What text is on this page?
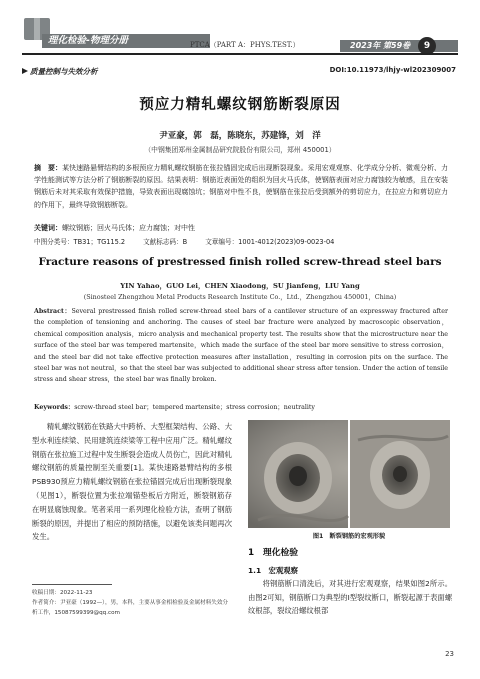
理化检验-物理分册	PTCA（PART A：PHYS.TEST.）	2023年 第59卷	9
质量控制与失效分析	DOI:10.11973/lhjy-wl202309007
预应力精轧螺纹钢筋断裂原因
尹亚豪，郭　磊，陈晓东，苏建锋，刘　洋
（中钢集团郑州金属制品研究院股份有限公司，郑州 450001）
摘　要：某快速路悬臂结构的多根预应力精轧螺纹钢筋在张拉锚固完成后出现断裂现象。采用宏观观察、化学成分分析、微观分析、力学性能测试等方法分析了钢筋断裂的原因。结果表明：钢筋近表面处的组织为回火马氏体，使钢筋表面对应力腐蚀较为敏感，且在安装钢筋后未对其采取有效保护措施，导致表面出现腐蚀坑；钢筋对中性不良，使钢筋在张拉后受到额外的剪切应力，在拉应力和剪切应力的作用下，最终导致钢筋断裂。
关键词：螺纹钢筋；回火马氏体；应力腐蚀；对中性
中图分类号：TB31；TG115.2	文献标志码：B	文章编号：1001-4012(2023)09-0023-04
Fracture reasons of prestressed finish rolled screw-thread steel bars
YIN Yahao，GUO Lei，CHEN Xiaodong，SU Jianfeng，LIU Yang
(Sinosteel Zhengzhou Metal Products Research Institute Co.，Ltd.，Zhengzhou 450001，China)
Abstract：Several prestressed finish rolled screw-thread steel bars of a cantilever structure of an expressway fractured after the completion of tensioning and anchoring. The causes of steel bar fracture were analyzed by macroscopic observation，chemical composition analysis，micro analysis and mechanical property test. The results show that the microstructure near the surface of the steel bar was tempered martensite，which made the surface of the steel bar more sensitive to stress corrosion，and the steel bar did not take effective protection measures after installation，resulting in corrosion pits on the surface. The steel bar was not neutral，so that the steel bar was subjected to additional shear stress after tension. Under the action of tensile stress and shear stress，the steel bar was finally broken.
Keywords：screw-thread steel bar；tempered martensite；stress corrosion；neutrality
精轧螺纹钢筋在铁路大中跨桥、大型框架结构、公路、大型水利连续梁、民用建筑连续梁等工程中应用广泛。精轧螺纹钢筋在张拉施工过程中发生断裂会造成人员伤亡，因此对精轧螺纹钢筋的质量控制至关重要[1]。某快速路悬臂结构的多根PSB930预应力精轧螺纹钢筋在张拉锚固完成后出现断裂现象（见图1），断裂位置为张拉端锚垫板后方附近，断裂钢筋存在明显腐蚀现象。笔者采用一系列理化检验方法，查明了钢筋断裂的原因，并提出了相应的预防措施，以避免该类问题再次发生。
收稿日期：2022-11-23
作者简介：尹亚豪（1992—），男，本科，主要从事金相检验及金属材料失效分析工作，15087599399@qq.com
图1　断裂钢筋的宏观形貌
1　理化检验
1.1　宏观观察
将钢筋断口清洗后，对其进行宏观观察，结果如图2所示。由图2可知，钢筋断口为典型的Ⅰ型裂纹断口，断裂起源于表面螺纹根部，裂纹沿螺纹根部
23
